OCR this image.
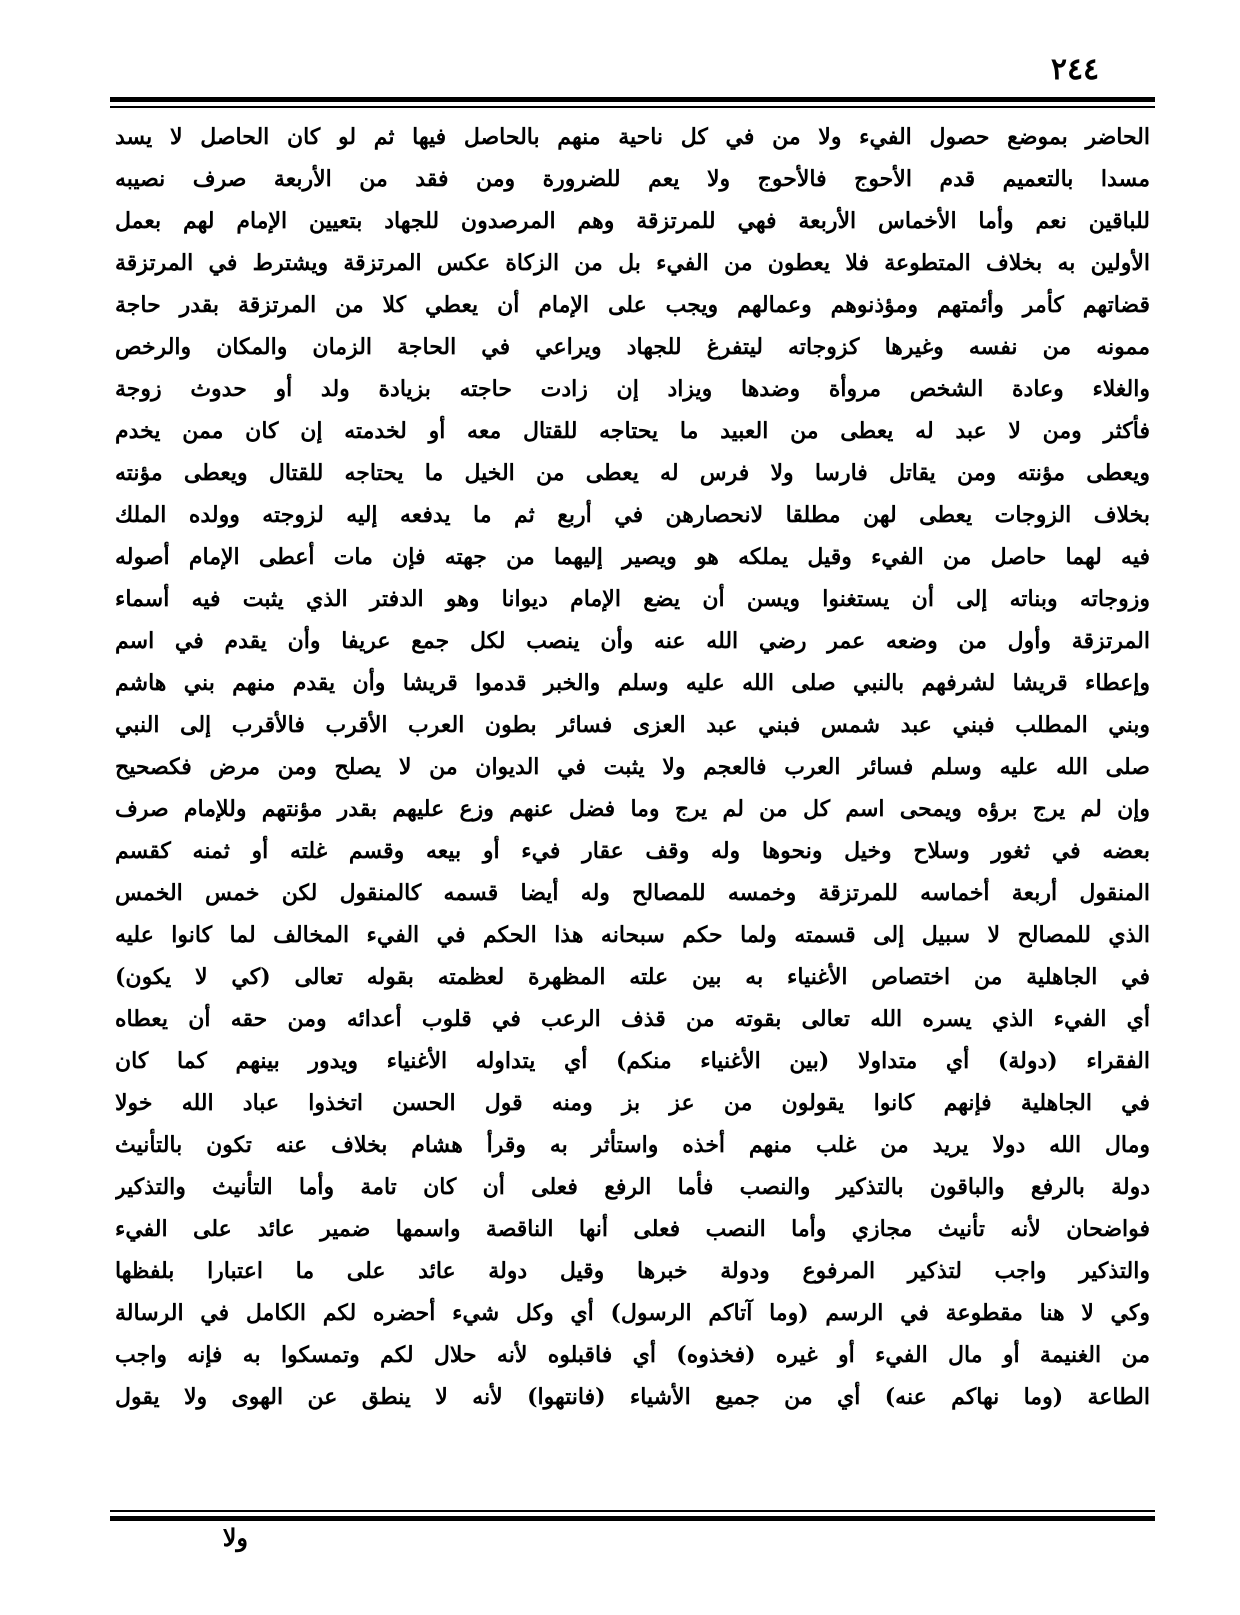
٢٤٤
الحاضر بموضع حصول الفيء ولا من في كل ناحية منهم بالحاصل فيها ثم لو كان الحاصل لا يسد
مسدا بالتعميم قدم الأحوج فالأحوج ولا يعم للضرورة ومن فقد من الأربعة صرف نصيبه
للباقين نعم وأما الأخماس الأربعة فهي للمرتزقة وهم المرصدون للجهاد بتعيين الإمام لهم بعمل
الأولين به بخلاف المتطوعة فلا يعطون من الفيء بل من الزكاة عكس المرتزقة ويشترط في المرتزقة
قضاتهم كأمر وأئمتهم ومؤذنوهم وعمالهم ويجب على الإمام أن يعطي كلا من المرتزقة بقدر حاجة
ممونه من نفسه وغيرها كزوجاته ليتفرغ للجهاد ويراعي في الحاجة الزمان والمكان والرخص
والغلاء وعادة الشخص مروأة وضدها ويزاد إن زادت حاجته بزيادة ولد أو حدوث زوجة
فأكثر ومن لا عبد له يعطى من العبيد ما يحتاجه للقتال معه أو لخدمته إن كان ممن يخدم
ويعطى مؤنته ومن يقاتل فارسا ولا فرس له يعطى من الخيل ما يحتاجه للقتال ويعطى مؤنته
بخلاف الزوجات يعطى لهن مطلقا لانحصارهن في أربع ثم ما يدفعه إليه لزوجته وولده الملك
فيه لهما حاصل من الفيء وقيل يملكه هو ويصير إليهما من جهته فإن مات أعطى الإمام أصوله
وزوجاته وبناته إلى أن يستغنوا ويسن أن يضع الإمام ديوانا وهو الدفتر الذي يثبت فيه أسماء
المرتزقة وأول من وضعه عمر رضي الله عنه وأن ينصب لكل جمع عريفا وأن يقدم في اسم
وإعطاء قريشا لشرفهم بالنبي صلى الله عليه وسلم والخبر قدموا قريشا وأن يقدم منهم بني هاشم
وبني المطلب فبني عبد شمس فبني عبد العزى فسائر بطون العرب الأقرب فالأقرب إلى النبي
صلى الله عليه وسلم فسائر العرب فالعجم ولا يثبت في الديوان من لا يصلح ومن مرض فكصحيح
وإن لم يرج برؤه ويمحى اسم كل من لم يرج وما فضل عنهم وزع عليهم بقدر مؤنتهم وللإمام صرف
بعضه في ثغور وسلاح وخيل ونحوها وله وقف عقار فيء أو بيعه وقسم غلته أو ثمنه كقسم
المنقول أربعة أخماسه للمرتزقة وخمسه للمصالح وله أيضا قسمه كالمنقول لكن خمس الخمس
الذي للمصالح لا سبيل إلى قسمته ولما حكم سبحانه هذا الحكم في الفيء المخالف لما كانوا عليه
في الجاهلية من اختصاص الأغنياء به بين علته المظهرة لعظمته بقوله تعالى (كي لا يكون)
أي الفيء الذي يسره الله تعالى بقوته من قذف الرعب في قلوب أعدائه ومن حقه أن يعطاه
الفقراء (دولة) أي متداولا (بين الأغنياء منكم) أي يتداوله الأغنياء ويدور بينهم كما كان
في الجاهلية فإنهم كانوا يقولون من عز بز ومنه قول الحسن اتخذوا عباد الله خولا
ومال الله دولا يريد من غلب منهم أخذه واستأثر به وقرأ هشام بخلاف عنه تكون بالتأنيث
دولة بالرفع والباقون بالتذكير والنصب فأما الرفع فعلى أن كان تامة وأما التأنيث والتذكير
فواضحان لأنه تأنيث مجازي وأما النصب فعلى أنها الناقصة واسمها ضمير عائد على الفيء
والتذكير واجب لتذكير المرفوع ودولة خبرها وقيل دولة عائد على ما اعتبارا بلفظها
وكي لا هنا مقطوعة في الرسم (وما آتاكم الرسول) أي وكل شيء أحضره لكم الكامل في الرسالة
من الغنيمة أو مال الفيء أو غيره (فخذوه) أي فاقبلوه لأنه حلال لكم وتمسكوا به فإنه واجب
الطاعة (وما نهاكم عنه) أي من جميع الأشياء (فانتهوا) لأنه لا ينطق عن الهوى ولا يقول
ولا
